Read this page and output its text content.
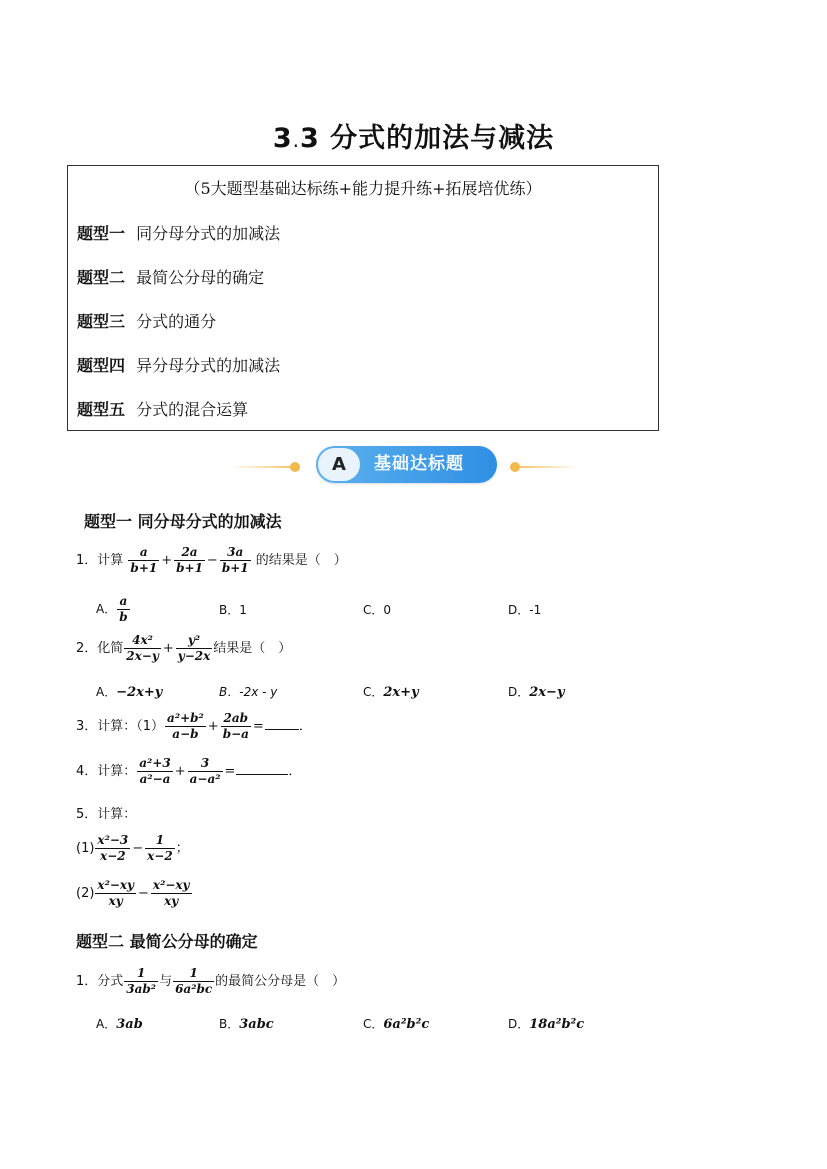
3.3 分式的加法与减法
（5大题型基础达标练+能力提升练+拓展培优练）
题型一 同分母分式的加减法
题型二 最简公分母的确定
题型三 分式的通分
题型四 异分母分式的加减法
题型五 分式的混合运算
A	基础达标题
题型一 同分母分式的加减法
1．计算 $\frac{a}{b+1} + \frac{2a}{b+1} - \frac{3a}{b+1}$ 的结果是（　）
A． $\frac{a}{b}$	B．1	C．0	D．-1
2．化简 $\frac{\text{4x²}}{2x-y} + \frac{\text{y²}}{y-2x}$ 结果是（　）
A．−2x+y	B．-2x - y	C．2x+y	D．2x−y
3．计算：$(1) \frac{\text{a²+b²}}{a-b} + \frac{2ab}{b-a}$ =	．
4．计算： $\frac{\text{a²+3}}{\text{a²−a}} + \frac{3}{\text{a−a²}}$ =	．
5．计算：
$(1) \frac{\text{x²−3}}{x-2} - \frac{1}{x-2}$ ；
$(2) \frac{\text{x²−xy}}{xy} - \frac{\text{x²−xy}}{xy}$
题型二 最简公分母的确定
1．分式 $\frac{1}{\text{3ab²}}$ 与 $\frac{1}{\text{6a²bc}}$ 的最简公分母是（　）
A．3ab	B．3abc	C．6a²b²c	D．18a²b²c
